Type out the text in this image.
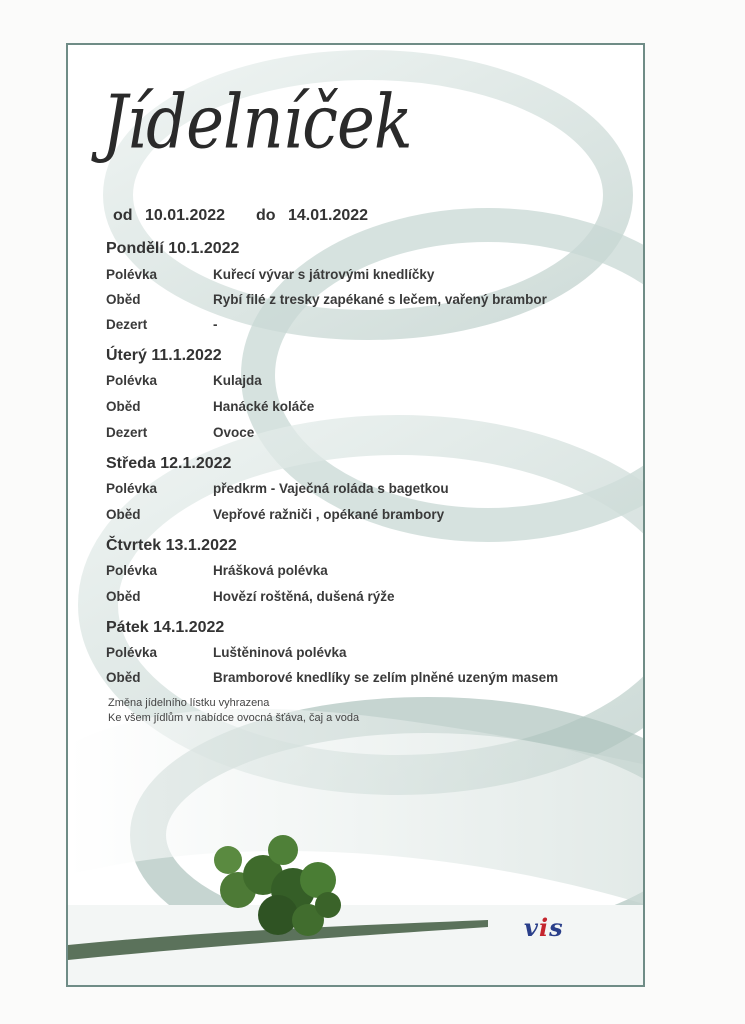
Jídelníček
od 10.01.2022 do 14.01.2022
Pondělí 10.1.2022
Polévka	Kuřecí vývar s játrovými knedlíčky
Oběd	Rybí filé z tresky zapékané s lečem, vařený brambor
Dezert	-
Úterý 11.1.2022
Polévka	Kulajda
Oběd	Hanácké koláče
Dezert	Ovoce
Středa 12.1.2022
Polévka	předkrm - Vaječná roláda s bagetkou
Oběd	Vepřové ražniči , opékané brambory
Čtvrtek 13.1.2022
Polévka	Hrášková polévka
Oběd	Hovězí roštěná, dušená rýže
Pátek 14.1.2022
Polévka	Luštěninová polévka
Oběd	Bramborové knedlíky se zelím plněné uzeným masem
Změna jídelního lístku vyhrazena
Ke všem jídlům v nabídce ovocná šťáva, čaj a voda
vis
